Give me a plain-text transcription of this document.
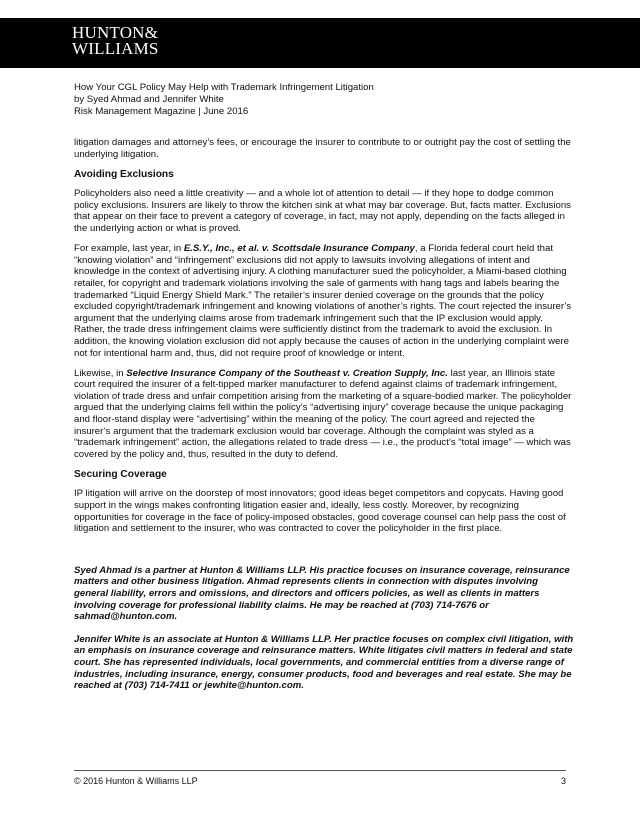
HUNTON&
WILLIAMS
How Your CGL Policy May Help with Trademark Infringement Litigation
by Syed Ahmad and Jennifer White
Risk Management Magazine | June 2016

litigation damages and attorney’s fees, or encourage the insurer to contribute to or outright pay the cost of settling the underlying litigation.

Avoiding Exclusions

Policyholders also need a little creativity — and a whole lot of attention to detail — if they hope to dodge common policy exclusions. Insurers are likely to throw the kitchen sink at what may bar coverage. But, facts matter. Exclusions that appear on their face to prevent a category of coverage, in fact, may not apply, depending on the facts alleged in the underlying action or what is proved.

For example, last year, in E.S.Y., Inc., et al. v. Scottsdale Insurance Company, a Florida federal court held that “knowing violation” and “infringement” exclusions did not apply to lawsuits involving allegations of intent and knowledge in the context of advertising injury. A clothing manufacturer sued the policyholder, a Miami-based clothing retailer, for copyright and trademark violations involving the sale of garments with hang tags and labels bearing the trademarked “Liquid Energy Shield Mark.” The retailer’s insurer denied coverage on the grounds that the policy excluded copyright/trademark infringement and knowing violations of another’s rights. The court rejected the insurer’s argument that the underlying claims arose from trademark infringement such that the IP exclusion would apply. Rather, the trade dress infringement claims were sufficiently distinct from the trademark to avoid the exclusion. In addition, the knowing violation exclusion did not apply because the causes of action in the underlying complaint were not for intentional harm and, thus, did not require proof of knowledge or intent.

Likewise, in Selective Insurance Company of the Southeast v. Creation Supply, Inc. last year, an Illinois state court required the insurer of a felt-tipped marker manufacturer to defend against claims of trademark infringement, violation of trade dress and unfair competition arising from the marketing of a square-bodied marker. The policyholder argued that the underlying claims fell within the policy’s “advertising injury” coverage because the unique packaging and floor-stand display were “advertising” within the meaning of the policy. The court agreed and rejected the insurer’s argument that the trademark exclusion would bar coverage. Although the complaint was styled as a “trademark infringement” action, the allegations related to trade dress — i.e., the product’s “total image” — which was covered by the policy and, thus, resulted in the duty to defend.

Securing Coverage

IP litigation will arrive on the doorstep of most innovators; good ideas beget competitors and copycats. Having good support in the wings makes confronting litigation easier and, ideally, less costly. Moreover, by recognizing opportunities for coverage in the face of policy-imposed obstacles, good coverage counsel can help pass the cost of litigation and settlement to the insurer, who was contracted to cover the policyholder in the first place.

Syed Ahmad is a partner at Hunton & Williams LLP. His practice focuses on insurance coverage, reinsurance matters and other business litigation. Ahmad represents clients in connection with disputes involving general liability, errors and omissions, and directors and officers policies, as well as clients in matters involving coverage for professional liability claims. He may be reached at (703) 714-7676 or sahmad@hunton.com.

Jennifer White is an associate at Hunton & Williams LLP. Her practice focuses on complex civil litigation, with an emphasis on insurance coverage and reinsurance matters. White litigates civil matters in federal and state court. She has represented individuals, local governments, and commercial entities from a diverse range of industries, including insurance, energy, consumer products, food and beverages and real estate. She may be reached at (703) 714-7411 or jewhite@hunton.com.

© 2016 Hunton & Williams LLP	3
